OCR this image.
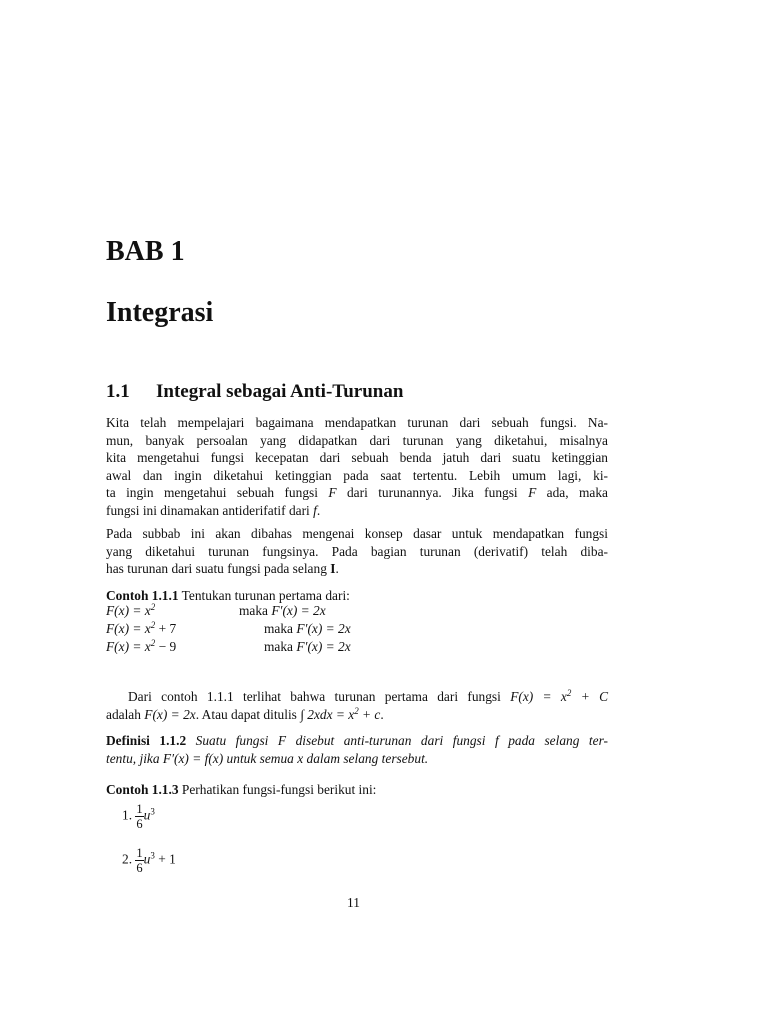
BAB 1
Integrasi
1.1 Integral sebagai Anti-Turunan
Kita telah mempelajari bagaimana mendapatkan turunan dari sebuah fungsi. Na-
mun, banyak persoalan yang didapatkan dari turunan yang diketahui, misalnya
kita mengetahui fungsi kecepatan dari sebuah benda jatuh dari suatu ketinggian
awal dan ingin diketahui ketinggian pada saat tertentu. Lebih umum lagi, ki-
ta ingin mengetahui sebuah fungsi F dari turunannya. Jika fungsi F ada, maka
fungsi ini dinamakan antiderifatif dari f.
Pada subbab ini akan dibahas mengenai konsep dasar untuk mendapatkan fungsi
yang diketahui turunan fungsinya. Pada bagian turunan (derivatif) telah diba-
has turunan dari suatu fungsi pada selang I.
Contoh 1.1.1 Tentukan turunan pertama dari:
$F(x) = x^2$	maka F′(x) = 2x
$F(x) = x^2 + 7$	maka F′(x) = 2x
$F(x) = x^2 - 9$	maka F′(x) = 2x
Dari contoh 1.1.1 terlihat bahwa turunan pertama dari fungsi $F(x) = x^2 + C$
adalah F(x) = 2x. Atau dapat ditulis ∫ $2xdx = x^2 + c$.
Definisi 1.1.2 Suatu fungsi F disebut anti-turunan dari fungsi f pada selang ter-
tentu, jika F′(x) = f(x) untuk semua x dalam selang tersebut.
Contoh 1.1.3 Perhatikan fungsi-fungsi berikut ini:
1. $\frac{1}{6} u^3$
2. $\frac{1}{6} u^3 + 1$
11
